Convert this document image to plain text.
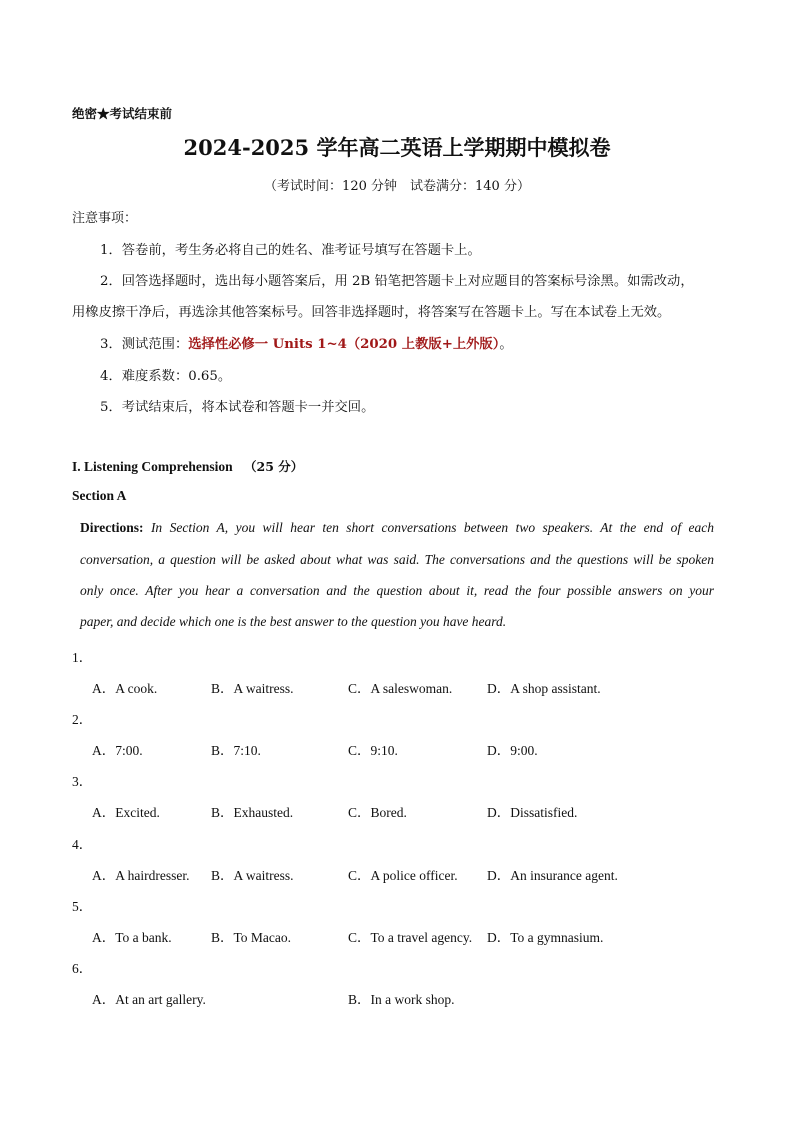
绝密★考试结束前
2024-2025 学年高二英语上学期期中模拟卷
（考试时间：120 分钟　试卷满分：140 分）
注意事项：
1．答卷前，考生务必将自己的姓名、准考证号填写在答题卡上。
2．回答选择题时，选出每小题答案后，用 2B 铅笔把答题卡上对应题目的答案标号涂黑。如需改动，
用橡皮擦干净后，再选涂其他答案标号。回答非选择题时，将答案写在答题卡上。写在本试卷上无效。
3．测试范围：选择性必修一 Units 1~4（2020 上教版+上外版）。
4．难度系数：0.65。
5．考试结束后，将本试卷和答题卡一并交回。
I. Listening Comprehension （25 分）
Section A
Directions: In Section A, you will hear ten short conversations between two speakers. At the end of each
conversation, a question will be asked about what was said. The conversations and the questions will be spoken
only once. After you hear a conversation and the question about it, read the four possible answers on your
paper, and decide which one is the best answer to the question you have heard.
1．
A．A cook.	B．A waitress.	C．A saleswoman.	D．A shop assistant.
2．
A．7:00.	B．7:10.	C．9:10.	D．9:00.
3．
A．Excited.	B．Exhausted.	C．Bored.	D．Dissatisfied.
4．
A．A hairdresser. B．A waitress.	C．A police officer. D．An insurance agent.
5．
A．To a bank.	B．To Macao.	C．To a travel agency. D．To a gymnasium.
6．
A．At an art gallery.	B．In a work shop.
